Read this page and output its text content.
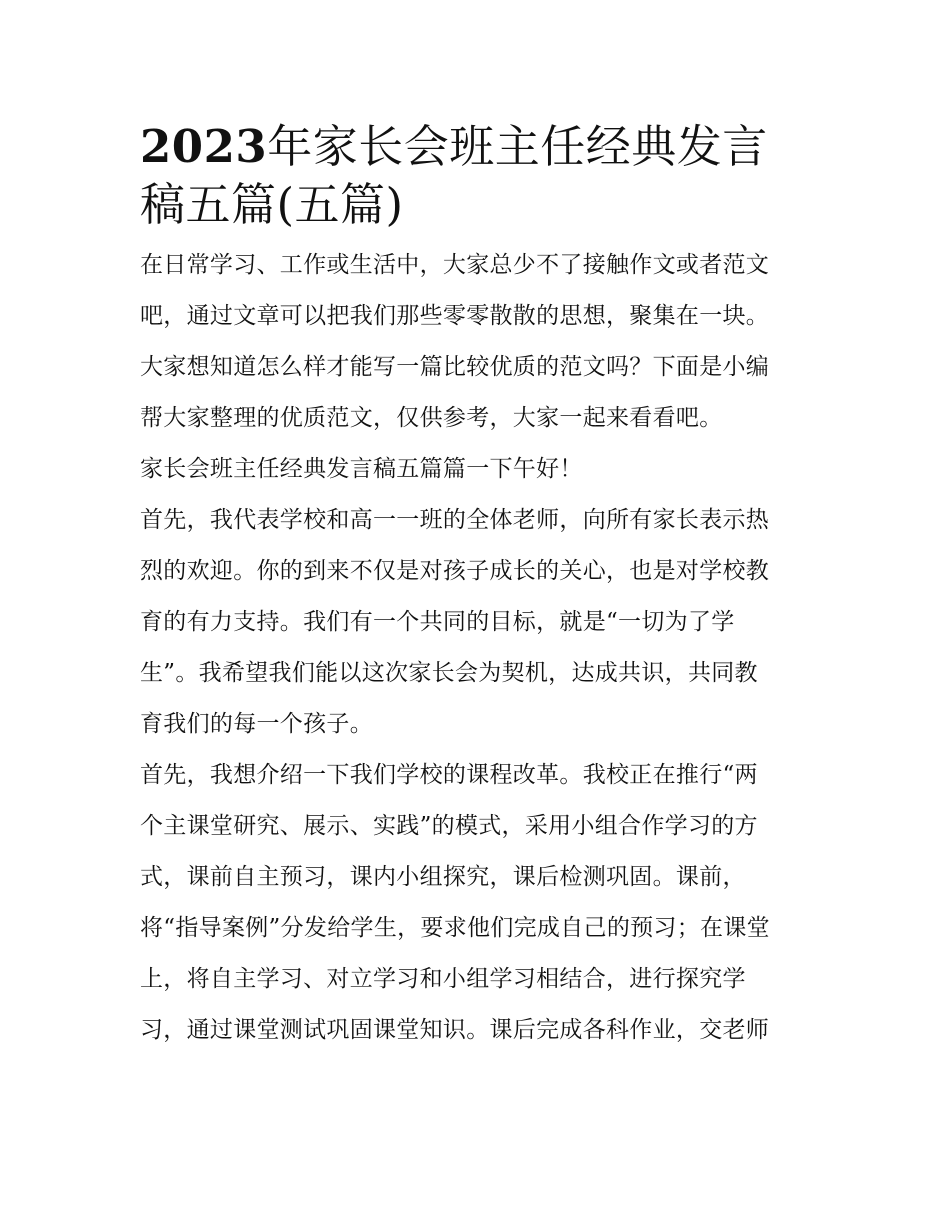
2023年家长会班主任经典发言
稿五篇(五篇)

在日常学习、工作或生活中，大家总少不了接触作文或者范文
吧，通过文章可以把我们那些零零散散的思想，聚集在一块。
大家想知道怎么样才能写一篇比较优质的范文吗？下面是小编
帮大家整理的优质范文，仅供参考，大家一起来看看吧。

家长会班主任经典发言稿五篇篇一下午好！

首先，我代表学校和高一一班的全体老师，向所有家长表示热
烈的欢迎。你的到来不仅是对孩子成长的关心，也是对学校教
育的有力支持。我们有一个共同的目标，就是“一切为了学
生”。我希望我们能以这次家长会为契机，达成共识，共同教
育我们的每一个孩子。

首先，我想介绍一下我们学校的课程改革。我校正在推行“两
个主课堂研究、展示、实践”的模式，采用小组合作学习的方
式，课前自主预习，课内小组探究，课后检测巩固。课前，
将“指导案例”分发给学生，要求他们完成自己的预习；在课堂
上，将自主学习、对立学习和小组学习相结合，进行探究学
习，通过课堂测试巩固课堂知识。课后完成各科作业，交老师
